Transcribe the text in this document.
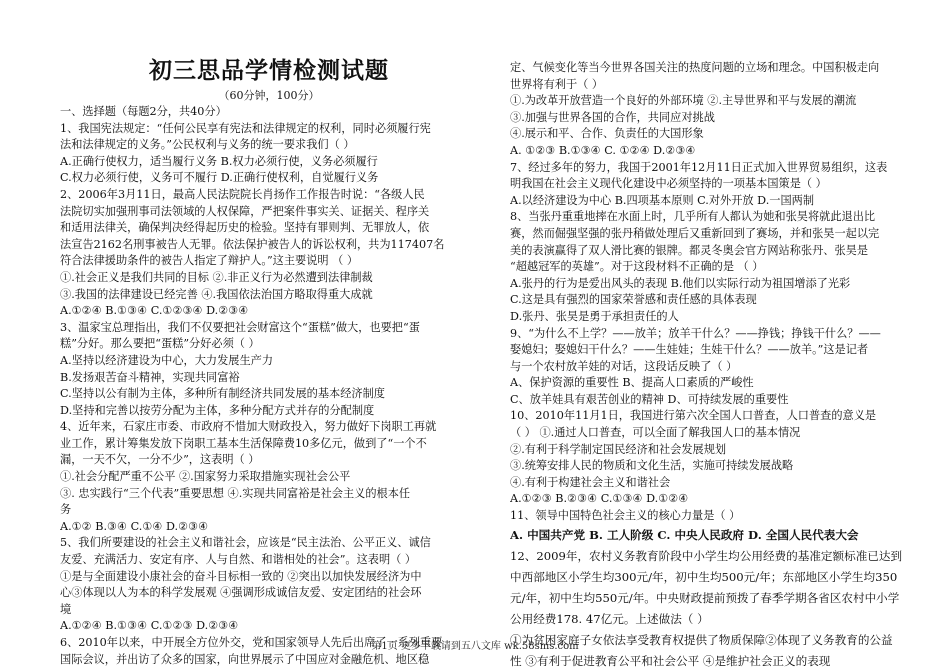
初三思品学情检测试题
（60分钟，100分）
一、选择题（每题2分，共40分）
1、我国宪法规定：“任何公民享有宪法和法律规定的权利，同时必须履行宪
法和法律规定的义务。”公民权利与义务的统一要求我们（ ）
A.正确行使权力，适当履行义务 B.权力必须行使，义务必须履行
C.权力必须行使，义务可不履行 D.正确行使权利，自觉履行义务
2、2006年3月11日，最高人民法院院长肖扬作工作报告时说：“各级人民
法院切实加强刑事司法领域的人权保障，严把案件事实关、证据关、程序关
和适用法律关，确保判决经得起历史的检验。坚持有罪则判、无罪放人，依
法宣告2162名刑事被告人无罪。依法保护被告人的诉讼权利，共为117407名
符合法律援助条件的被告人指定了辩护人。”这主要说明 （ ）
①.社会正义是我们共同的目标 ②.非正义行为必然遭到法律制裁
③.我国的法律建设已经完善 ④.我国依法治国方略取得重大成就
A.①②④ B.①③④ C.①②③④ D.②③④
3、温家宝总理指出，我们不仅要把社会财富这个“蛋糕”做大，也要把“蛋
糕”分好。那么要把“蛋糕”分好必须（ ）
A.坚持以经济建设为中心，大力发展生产力
B.发扬艰苦奋斗精神，实现共同富裕
C.坚持以公有制为主体，多种所有制经济共同发展的基本经济制度
D.坚持和完善以按劳分配为主体，多种分配方式并存的分配制度
4、近年来，石家庄市委、市政府不惜加大财政投入，努力做好下岗职工再就
业工作，累计筹集发放下岗职工基本生活保障费10多亿元，做到了“一个不
漏，一天不欠，一分不少”，这表明（ ）
①.社会分配严重不公平 ②.国家努力采取措施实现社会公平
③. 忠实践行“三个代表”重要思想 ④.实现共同富裕是社会主义的根本任
务
A.①② B.③④ C.①④ D.②③④
5、我们所要建设的社会主义和谐社会，应该是“民主法治、公平正义、诚信
友爱、充满活力、安定有序、人与自然、和谐相处的社会”。这表明（ ）
①是与全面建设小康社会的奋斗目标相一致的 ②突出以加快发展经济为中
心③体现以人为本的科学发展观 ④强调形成诚信友爱、安定团结的社会环
境
A.①②④ B.①③④ C.①②③ D.②③④
6、2010年以来，中开展全方位外交，党和国家领导人先后出席了一系列重要
国际会议，并出访了众多的国家，向世界展示了中国应对金融危机、地区稳
定、气候变化等当今世界各国关注的热度问题的立场和理念。中国积极走向
世界将有利于（ ）
①.为改革开放营造一个良好的外部环境 ②.主导世界和平与发展的潮流
③.加强与世界各国的合作，共同应对挑战
④.展示和平、合作、负责任的大国形象
A. ①②③ B.①③④ C. ①②④ D.②③④
7、经过多年的努力，我国于2001年12月11日正式加入世界贸易组织，这表
明我国在社会主义现代化建设中必须坚持的一项基本国策是（ ）
A.以经济建设为中心 B.四项基本原则 C.对外开放 D.一国两制
8、当张丹重重地摔在水面上时，几乎所有人都认为她和张昊将就此退出比
赛，然而倔强坚强的张丹稍做处理后又重新回到了赛场，并和张昊一起以完
美的表演赢得了双人滑比赛的银牌。都灵冬奥会官方网站称张丹、张昊是
“超越冠军的英雄”。对于这段材料不正确的是 （ ）
A.张丹的行为是爱出风头的表现 B.他们以实际行动为祖国增添了光彩
C.这是具有强烈的国家荣誉感和责任感的具体表现
D.张丹、张昊是勇于承担责任的人
9、“为什么不上学？——放羊；放羊干什么？——挣钱；挣钱干什么？——
娶媳妇；娶媳妇干什么？——生娃娃；生娃干什么？——放羊。”这是记者
与一个农村放羊娃的对话，这段话反映了（ ）
A、保护资源的重要性 B、提高人口素质的严峻性
C、放羊娃具有艰苦创业的精神 D、可持续发展的重要性
10、2010年11月1日，我国进行第六次全国人口普查，人口普查的意义是
（ ） ①.通过人口普查，可以全面了解我国人口的基本情况
②.有利于科学制定国民经济和社会发展规划
③.统筹安排人民的物质和文化生活，实施可持续发展战略
④.有利于构建社会主义和谐社会
A.①②③ B.②③④ C.①③④ D.①②④
11、领导中国特色社会主义的核心力量是（ ）
A. 中国共产党 B. 工人阶级 C. 中央人民政府 D. 全国人民代表大会
12、2009年，农村义务教育阶段中小学生均公用经费的基准定额标准已达到
中西部地区小学生均300元/年，初中生均500元/年；东部地区小学生均350
元/年，初中生均550元/年。中央财政提前预拨了春季学期各省区农村中小学
公用经费178. 47亿元。上述做法（ ）
①为贫困家庭子女依法享受教育权提供了物质保障②体现了义务教育的公益
性 ③有利于促进教育公平和社会公平 ④是维护社会正义的表现
第1页 更多下载请到五八文库 wk.58sms.com
